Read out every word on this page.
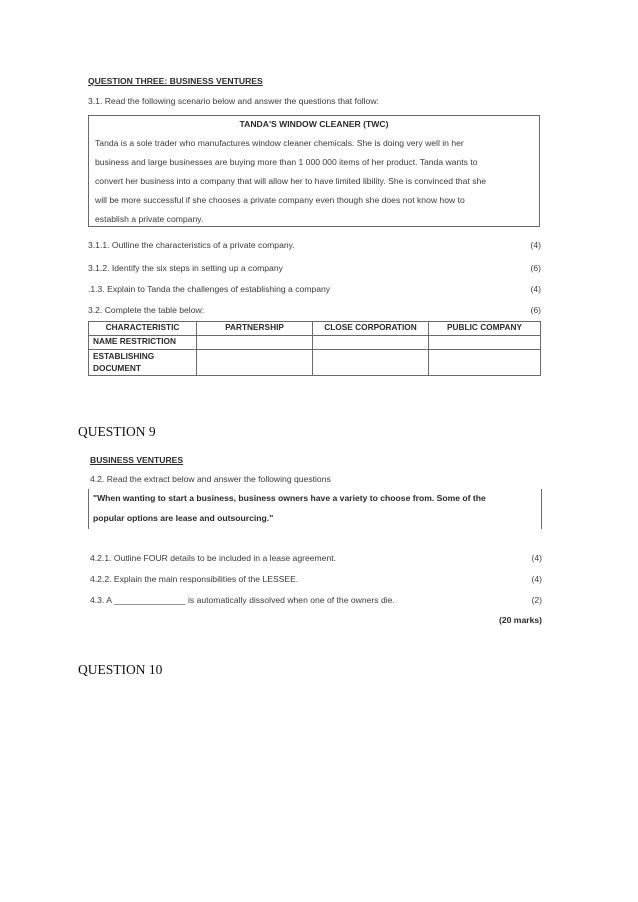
QUESTION THREE: BUSINESS VENTURES
3.1. Read the following scenario below and answer the questions that follow:
TANDA'S WINDOW CLEANER (TWC)

Tanda is a sole trader who manufactures window cleaner chemicals. She is doing very well in her

business and large businesses are buying more than 1 000 000 items of her product. Tanda wants to

convert her business into a company that will allow her to have limited libility. She is convinced that she

will be more successful if she chooses a private company even though she does not know how to

establish a private company.

3.1.1. Outline the characteristics of a private company.	(4)
3.1.2. Identify the six steps in setting up a company	(6)
.1.3. Explain to Tanda the challenges of establishing a company	(4)
3.2. Complete the table below:	(6)
CHARACTERISTIC	PARTNERSHIP	CLOSE CORPORATION	PUBLIC COMPANY
NAME RESTRICTION			
ESTABLISHING DOCUMENT			
QUESTION 9
BUSINESS VENTURES
4.2. Read the extract below and answer the following questions

"When wanting to start a business, business owners have a variety to choose from. Some of the

popular options are lease and outsourcing."

4.2.1. Outline FOUR details to be included in a lease agreement.	(4)
4.2.2. Explain the main responsibilities of the LESSEE.	(4)
4.3. A _______________ is automatically dissolved when one of the owners die.	(2)
(20 marks)
QUESTION 10
